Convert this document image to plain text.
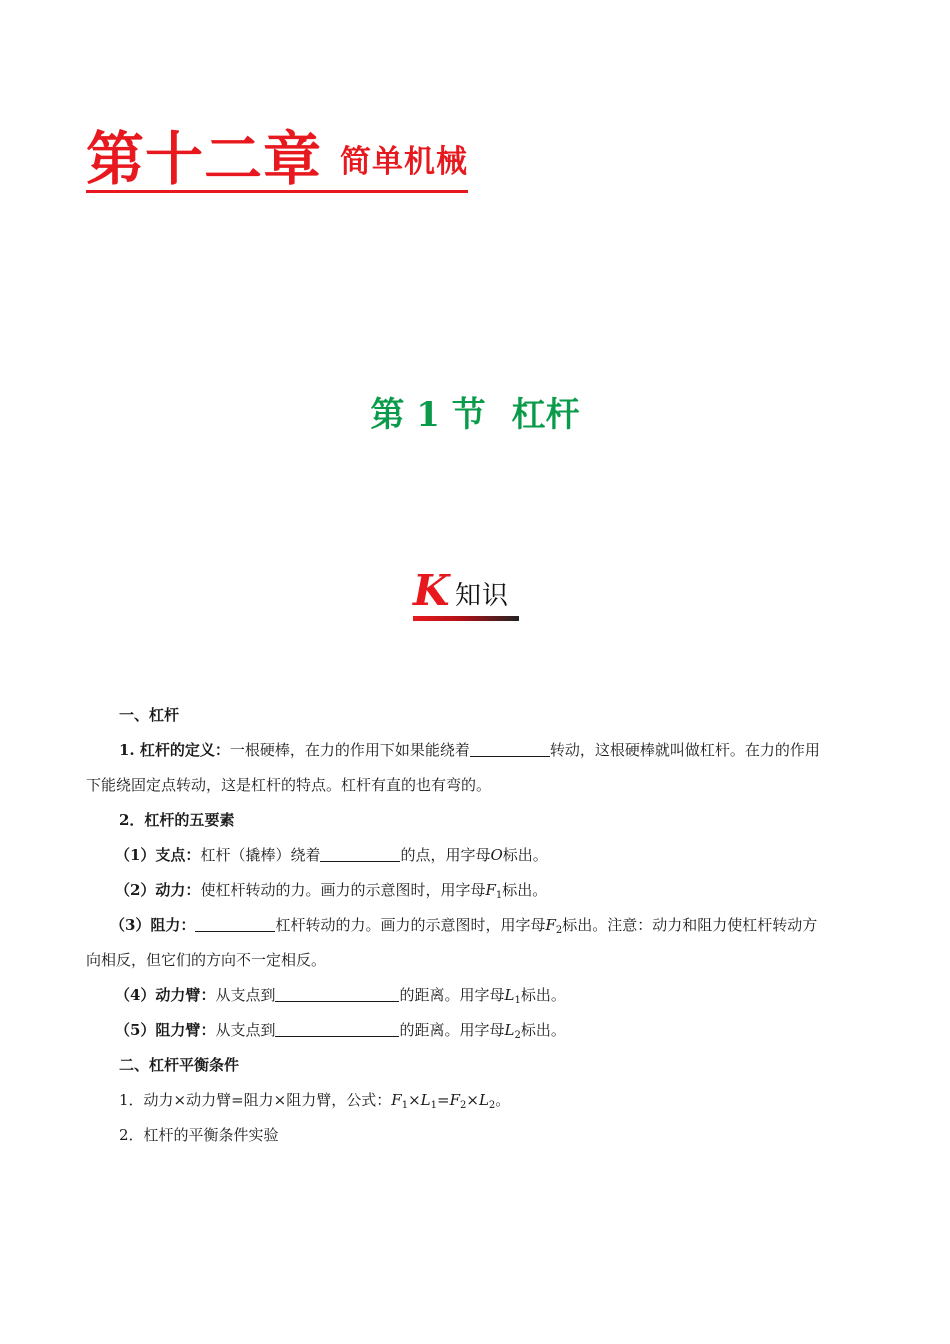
第十二章 简单机械
第 1 节 杠杆
K 知识
一、杠杆
1. 杠杆的定义：一根硬棒，在力的作用下如果能绕着	转动，这根硬棒就叫做杠杆。在力的作用
下能绕固定点转动，这是杠杆的特点。杠杆有直的也有弯的。
2．杠杆的五要素
（1）支点：杠杆（撬棒）绕着	的点，用字母O标出。
（2）动力：使杠杆转动的力。画力的示意图时，用字母$F_1$标出。
（3）阻力：	杠杆转动的力。画力的示意图时，用字母$F_2$标出。注意：动力和阻力使杠杆转动方
向相反，但它们的方向不一定相反。
（4）动力臂：从支点到	的距离。用字母$L_1$标出。
（5）阻力臂：从支点到	的距离。用字母$L_2$标出。
二、杠杆平衡条件
1．动力×动力臂=阻力×阻力臂，公式：$F_1\times L_1=F_2\times L_2$。
2．杠杆的平衡条件实验
